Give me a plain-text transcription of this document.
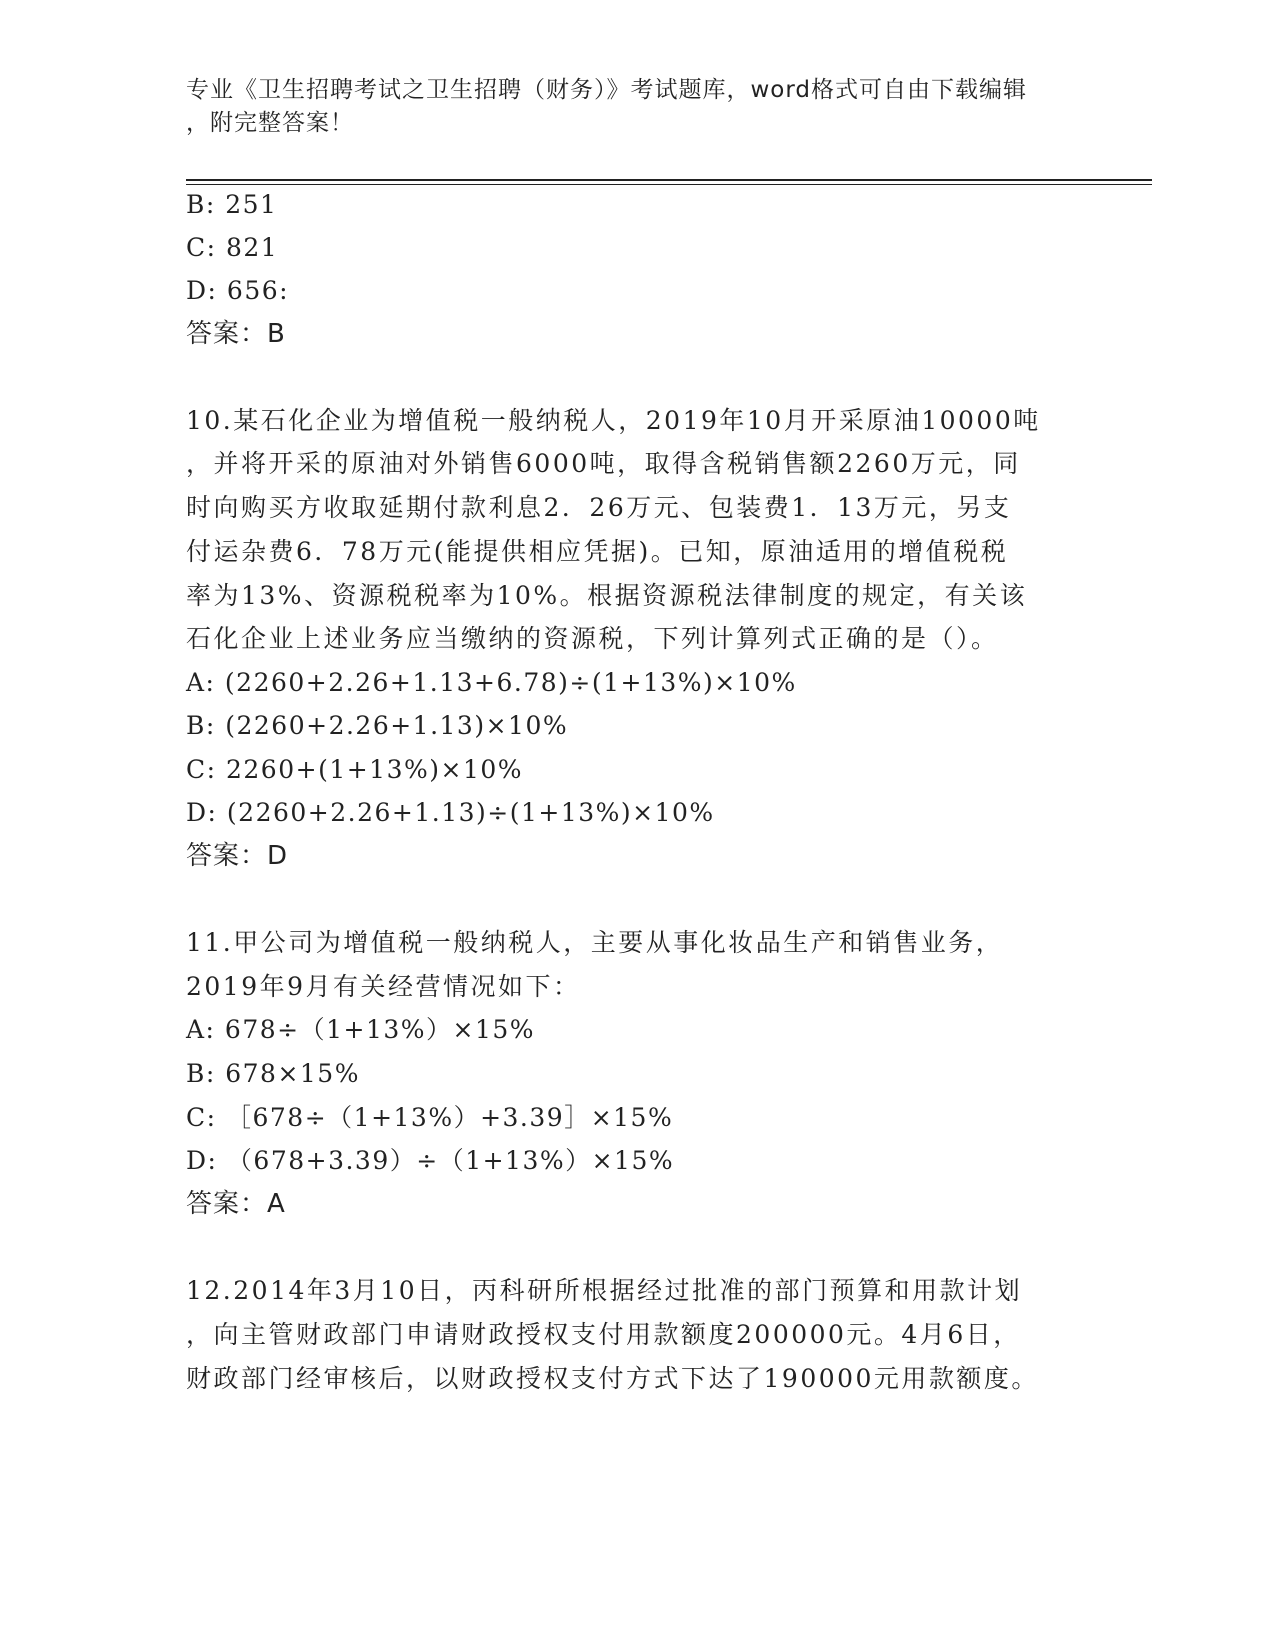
专业《卫生招聘考试之卫生招聘（财务）》考试题库，word格式可自由下载编辑
，附完整答案！
B: 251
C: 821
D: 656:
答案：B
10.某石化企业为增值税一般纳税人，2019年10月开采原油10000吨
，并将开采的原油对外销售6000吨，取得含税销售额2260万元，同
时向购买方收取延期付款利息2．26万元、包装费1．13万元，另支
付运杂费6．78万元(能提供相应凭据)。已知，原油适用的增值税税
率为13%、资源税税率为10%。根据资源税法律制度的规定，有关该
石化企业上述业务应当缴纳的资源税，下列计算列式正确的是（）。
A: (2260+2.26+1.13+6.78)÷(1+13%)×10%
B: (2260+2.26+1.13)×10%
C: 2260+(1+13%)×10%
D: (2260+2.26+1.13)÷(1+13%)×10%
答案：D
11.甲公司为增值税一般纳税人，主要从事化妆品生产和销售业务，
2019年9月有关经营情况如下：
A: 678÷（1+13%）×15%
B: 678×15%
C: ［678÷（1+13%）+3.39］×15%
D: （678+3.39）÷（1+13%）×15%
答案：A
12.2014年3月10日，丙科研所根据经过批准的部门预算和用款计划
，向主管财政部门申请财政授权支付用款额度200000元。4月6日，
财政部门经审核后，以财政授权支付方式下达了190000元用款额度。
